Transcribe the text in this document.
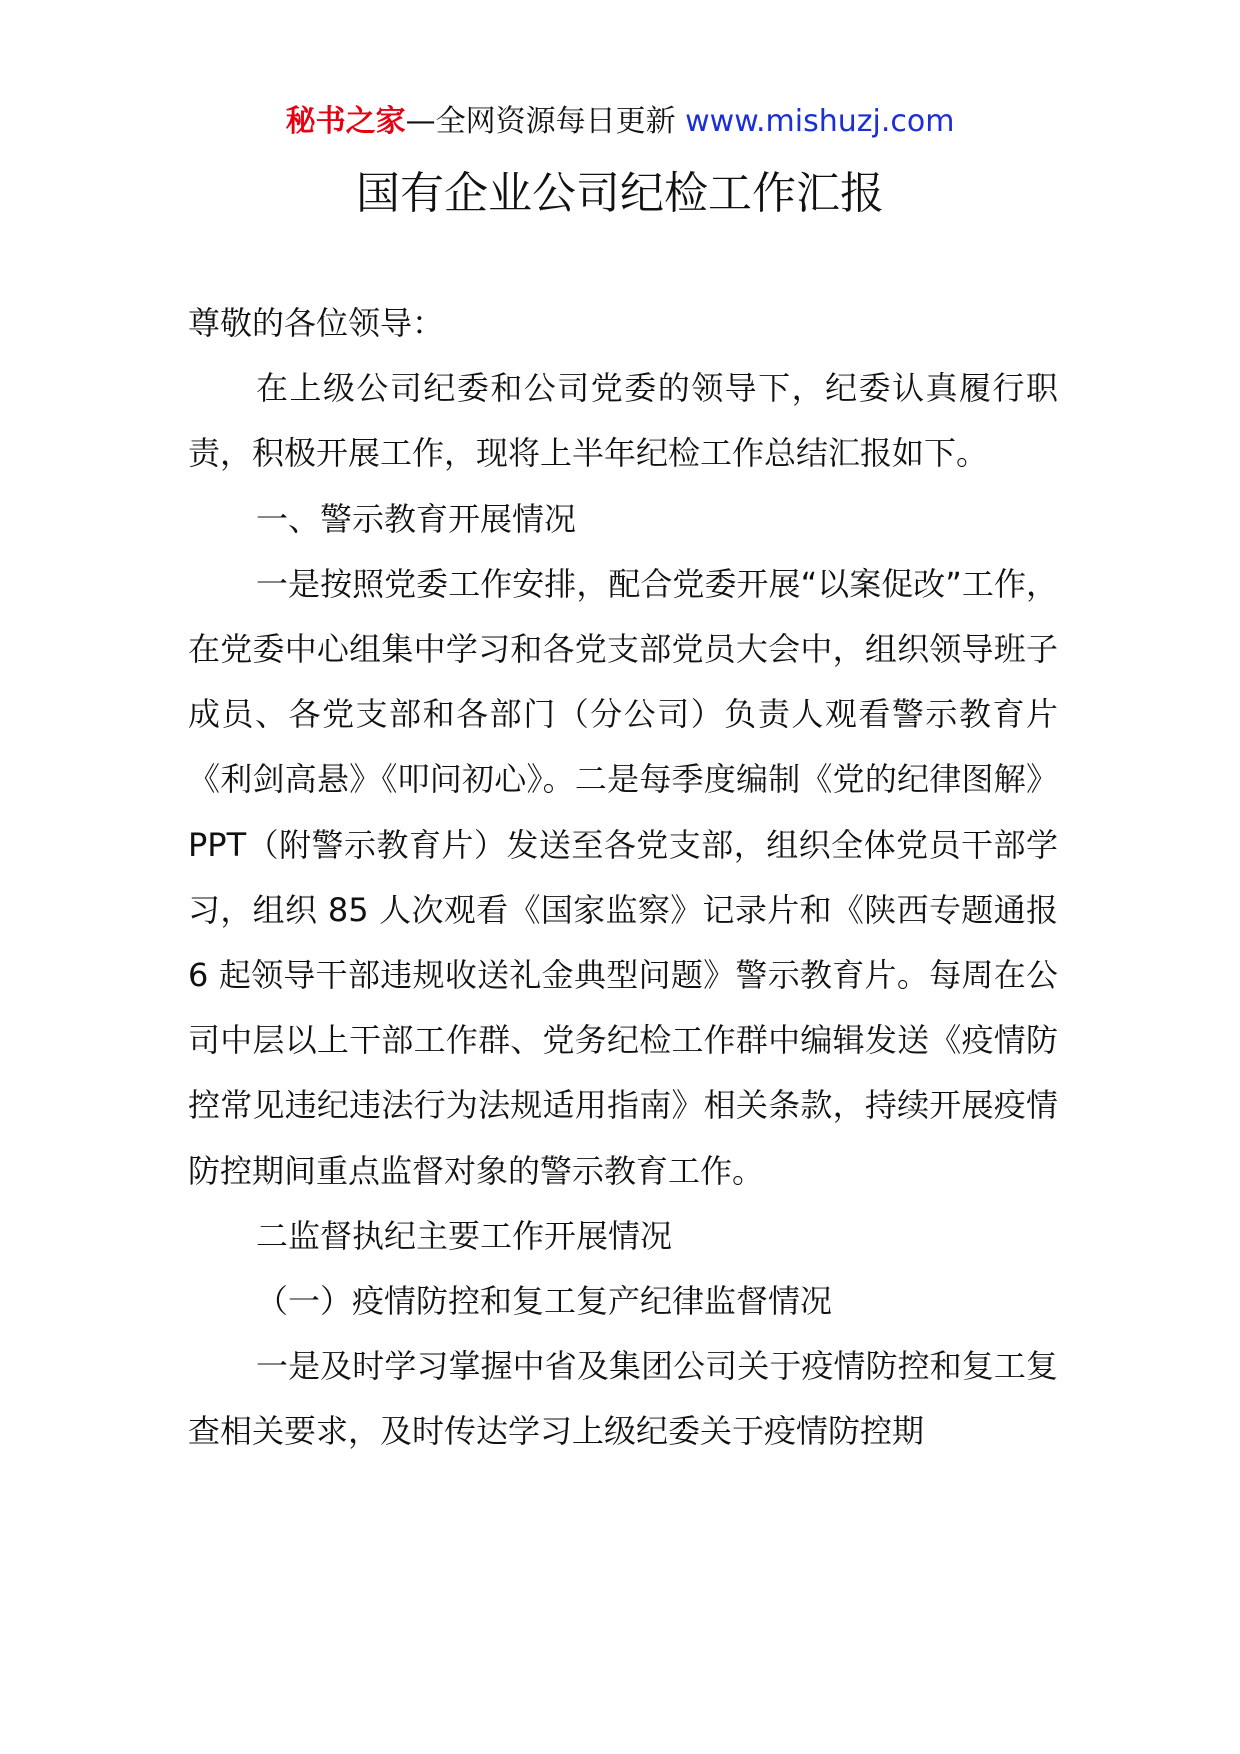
秘书之家—全网资源每日更新 www.mishuzj.com
国有企业公司纪检工作汇报

尊敬的各位领导：

在上级公司纪委和公司党委的领导下，纪委认真履行职责，积极开展工作，现将上半年纪检工作总结汇报如下。

一、警示教育开展情况

一是按照党委工作安排，配合党委开展“以案促改”工作，在党委中心组集中学习和各党支部党员大会中，组织领导班子成员、各党支部和各部门（分公司）负责人观看警示教育片《利剑高悬》《叩问初心》。二是每季度编制《党的纪律图解》PPT（附警示教育片）发送至各党支部，组织全体党员干部学习，组织 85 人次观看《国家监察》记录片和《陕西专题通报 6 起领导干部违规收送礼金典型问题》警示教育片。每周在公司中层以上干部工作群、党务纪检工作群中编辑发送《疫情防控常见违纪违法行为法规适用指南》相关条款，持续开展疫情防控期间重点监督对象的警示教育工作。

二监督执纪主要工作开展情况

（一）疫情防控和复工复产纪律监督情况

一是及时学习掌握中省及集团公司关于疫情防控和复工复查相关要求，及时传达学习上级纪委关于疫情防控期
